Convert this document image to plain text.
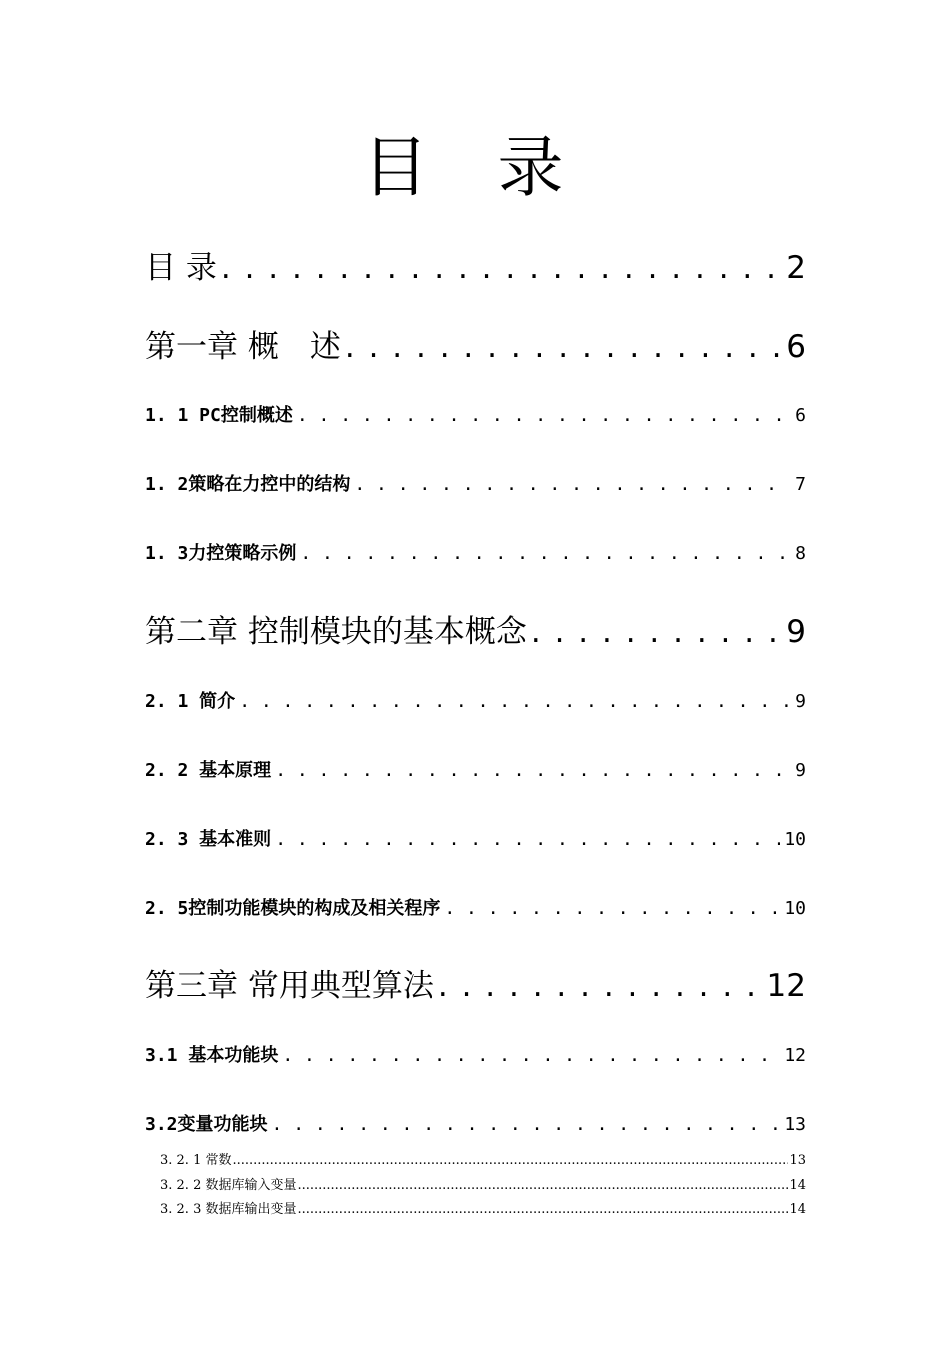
目 录
目 录 . . .	2
第一章 概　述 . . .	6
1. 1 PC控制概述 . . .	6
1. 2策略在力控中的结构 . . .	7
1. 3力控策略示例 . . .	8
第二章 控制模块的基本概念 . . .	9
2. 1 简介 . . .	9
2. 2 基本原理 . . .	9
2. 3 基本准则 . . .	10
2. 5控制功能模块的构成及相关程序 . . .	10
第三章 常用典型算法 . . .	12
3.1 基本功能块 . . .	12
3.2变量功能块 . . .	13
3. 2. 1 常数 .....	13
3. 2. 2 数据库输入变量 .....	14
3. 2. 3 数据库输出变量 .....	14
